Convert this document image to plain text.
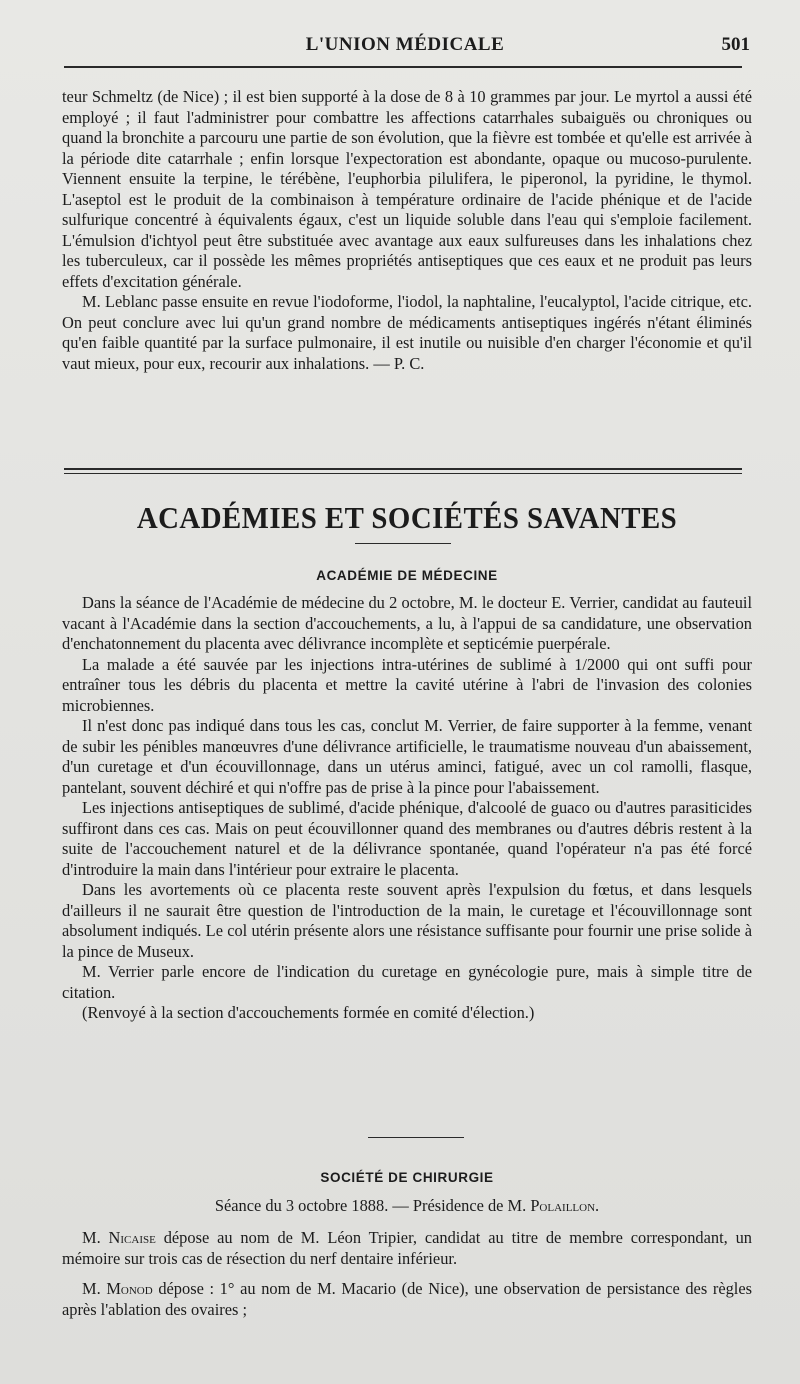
L'UNION MÉDICALE	501

teur Schmeltz (de Nice) ; il est bien supporté à la dose de 8 à 10 grammes par jour. Le myrtol a aussi été employé ; il faut l'administrer pour combattre les affections catarrhales subaiguës ou chroniques ou quand la bronchite a parcouru une partie de son évolution, que la fièvre est tombée et qu'elle est arrivée à la période dite catarrhale ; enfin lorsque l'expectoration est abondante, opaque ou mucoso-purulente. Viennent ensuite la terpine, le térébène, l'euphorbia pilulifera, le piperonol, la pyridine, le thymol. L'aseptol est le produit de la combinaison à température ordinaire de l'acide phénique et de l'acide sulfurique concentré à équivalents égaux, c'est un liquide soluble dans l'eau qui s'emploie facilement. L'émulsion d'ichtyol peut être substituée avec avantage aux eaux sulfureuses dans les inhalations chez les tuberculeux, car il possède les mêmes propriétés antiseptiques que ces eaux et ne produit pas leurs effets d'excitation générale.

M. Leblanc passe ensuite en revue l'iodoforme, l'iodol, la naphtaline, l'eucalyptol, l'acide citrique, etc. On peut conclure avec lui qu'un grand nombre de médicaments antiseptiques ingérés n'étant éliminés qu'en faible quantité par la surface pulmonaire, il est inutile ou nuisible d'en charger l'économie et qu'il vaut mieux, pour eux, recourir aux inhalations. — P. C.

ACADÉMIES ET SOCIÉTÉS SAVANTES
ACADÉMIE DE MÉDECINE

Dans la séance de l'Académie de médecine du 2 octobre, M. le docteur E. Verrier, candidat au fauteuil vacant à l'Académie dans la section d'accouchements, a lu, à l'appui de sa candidature, une observation d'enchatonnement du placenta avec délivrance incomplète et septicémie puerpérale.

La malade a été sauvée par les injections intra-utérines de sublimé à 1/2000 qui ont suffi pour entraîner tous les débris du placenta et mettre la cavité utérine à l'abri de l'invasion des colonies microbiennes.

Il n'est donc pas indiqué dans tous les cas, conclut M. Verrier, de faire supporter à la femme, venant de subir les pénibles manœuvres d'une délivrance artificielle, le traumatisme nouveau d'un abaissement, d'un curetage et d'un écouvillonnage, dans un utérus aminci, fatigué, avec un col ramolli, flasque, pantelant, souvent déchiré et qui n'offre pas de prise à la pince pour l'abaissement.

Les injections antiseptiques de sublimé, d'acide phénique, d'alcoolé de guaco ou d'autres parasiticides suffiront dans ces cas. Mais on peut écouvillonner quand des membranes ou d'autres débris restent à la suite de l'accouchement naturel et de la délivrance spontanée, quand l'opérateur n'a pas été forcé d'introduire la main dans l'intérieur pour extraire le placenta.

Dans les avortements où ce placenta reste souvent après l'expulsion du fœtus, et dans lesquels d'ailleurs il ne saurait être question de l'introduction de la main, le curetage et l'écouvillonnage sont absolument indiqués. Le col utérin présente alors une résistance suffisante pour fournir une prise solide à la pince de Museux.

M. Verrier parle encore de l'indication du curetage en gynécologie pure, mais à simple titre de citation.

(Renvoyé à la section d'accouchements formée en comité d'élection.)

SOCIÉTÉ DE CHIRURGIE
Séance du 3 octobre 1888. — Présidence de M. Polaillon.

M. Nicaise dépose au nom de M. Léon Tripier, candidat au titre de membre correspondant, un mémoire sur trois cas de résection du nerf dentaire inférieur.

M. Monod dépose : 1° au nom de M. Macario (de Nice), une observation de persistance des règles après l'ablation des ovaires ;
